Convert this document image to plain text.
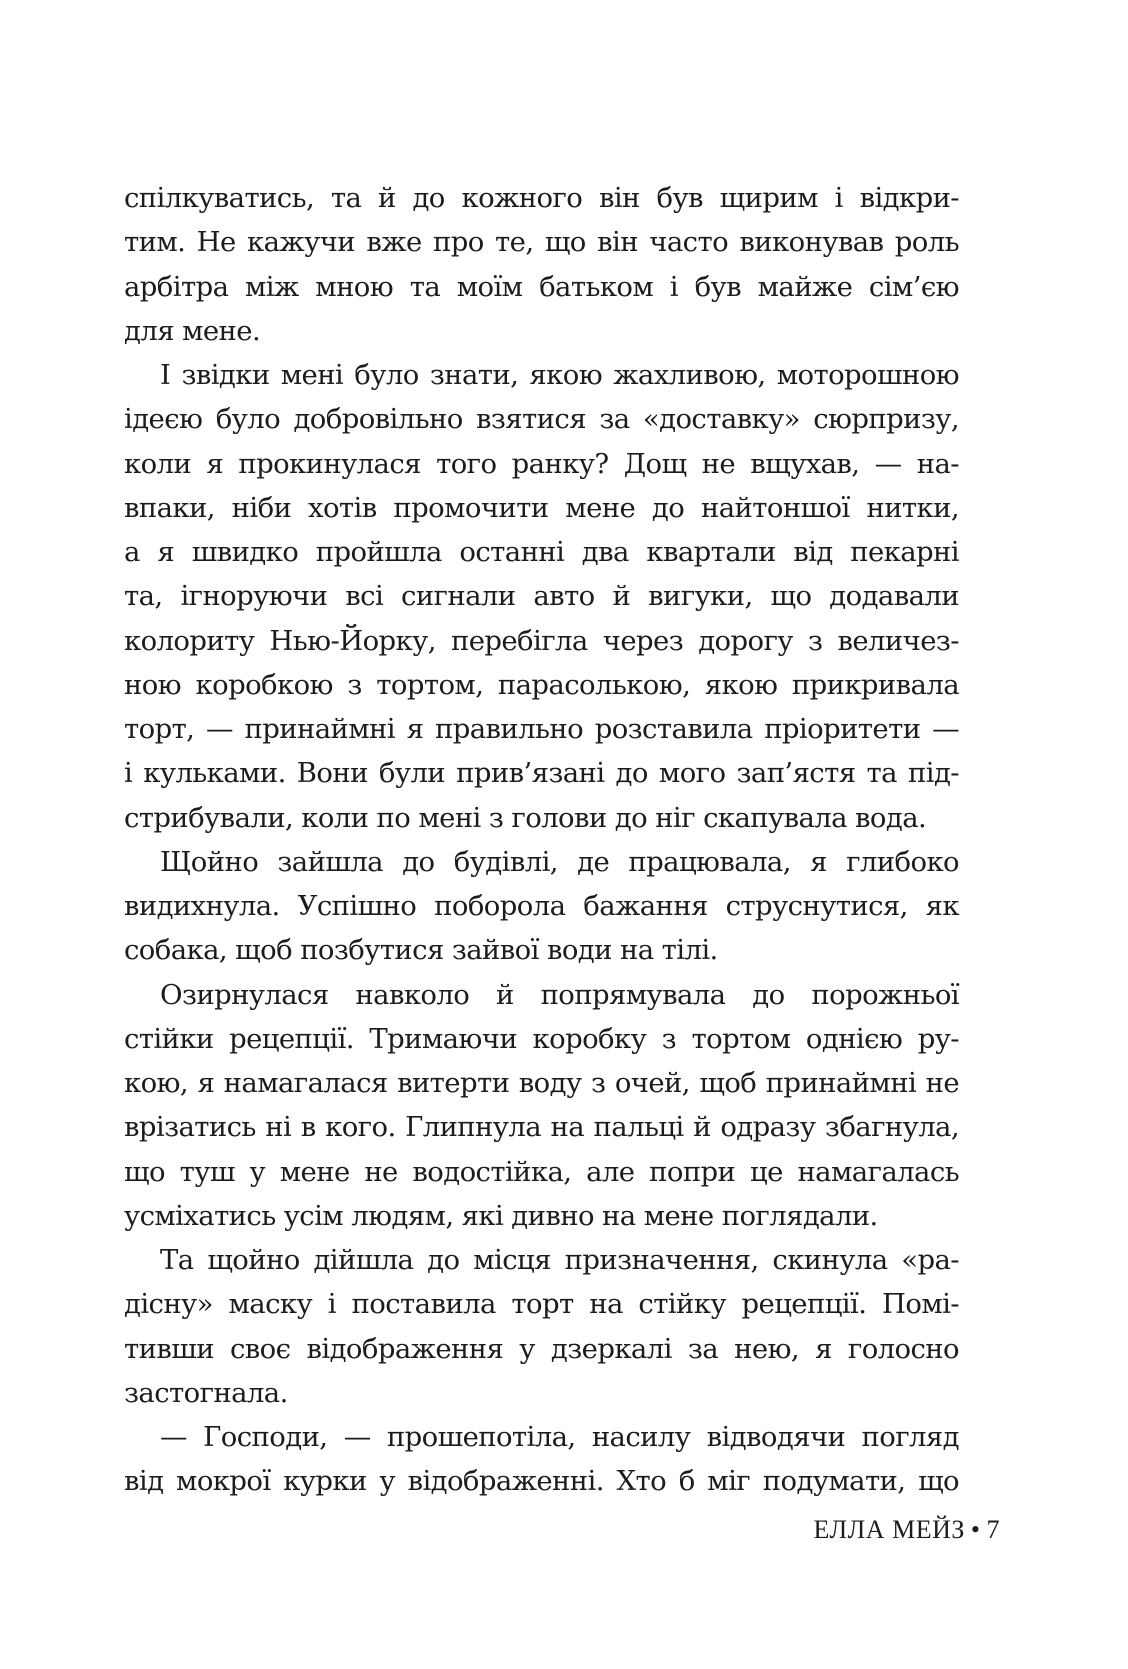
спілкуватись, та й до кожного він був щирим і відкри-
тим. Не кажучи вже про те, що він часто виконував роль
арбітра між мною та моїм батьком і був майже сім’єю
для мене.
І звідки мені було знати, якою жахливою, моторошною
ідеєю було добровільно взятися за «доставку» сюрпризу,
коли я прокинулася того ранку? Дощ не вщухав, — на-
впаки, ніби хотів промочити мене до найтоншої нитки,
а я швидко пройшла останні два квартали від пекарні
та, ігноруючи всі сигнали авто й вигуки, що додавали
колориту Нью-Йорку, перебігла через дорогу з величез-
ною коробкою з тортом, парасолькою, якою прикривала
торт, — принаймні я правильно розставила пріоритети —
і кульками. Вони були прив’язані до мого зап’ястя та під-
стрибували, коли по мені з голови до ніг скапувала вода.
Щойно зайшла до будівлі, де працювала, я глибоко
видихнула. Успішно поборола бажання струснутися, як
собака, щоб позбутися зайвої води на тілі.
Озирнулася навколо й попрямувала до порожньої
стійки рецепції. Тримаючи коробку з тортом однією ру-
кою, я намагалася витерти воду з очей, щоб принаймні не
врізатись ні в кого. Глипнула на пальці й одразу збагнула,
що туш у мене не водостійка, але попри це намагалась
усміхатись усім людям, які дивно на мене поглядали.
Та щойно дійшла до місця призначення, скинула «ра-
дісну» маску і поставила торт на стійку рецепції. Помі-
тивши своє відображення у дзеркалі за нею, я голосно
застогнала.
— Господи, — прошепотіла, насилу відводячи погляд
від мокрої курки у відображенні. Хто б міг подумати, що
ЕЛЛА МЕЙЗ • 7
